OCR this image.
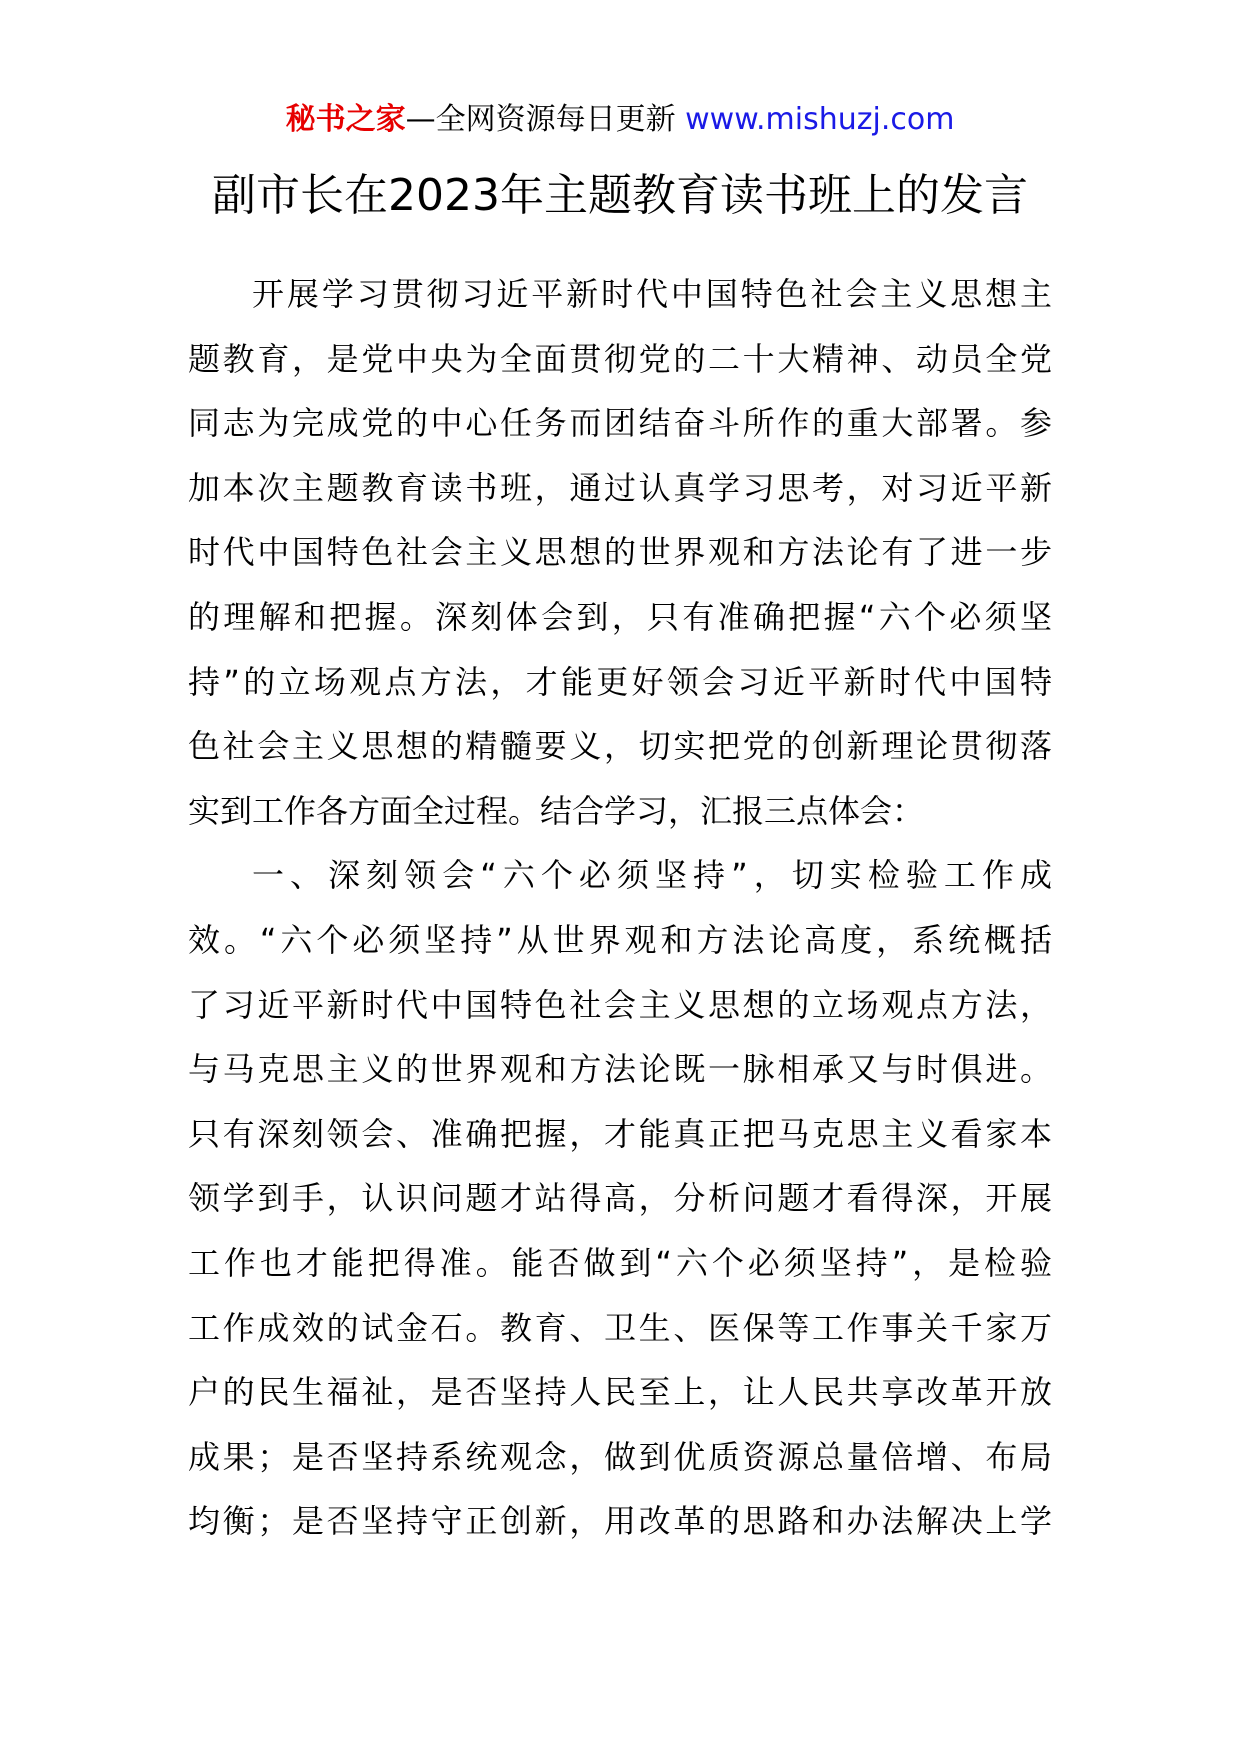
秘书之家—全网资源每日更新 www.mishuzj.com
副市长在2023年主题教育读书班上的发言
开展学习贯彻习近平新时代中国特色社会主义思想主
题教育，是党中央为全面贯彻党的二十大精神、动员全党
同志为完成党的中心任务而团结奋斗所作的重大部署。参
加本次主题教育读书班，通过认真学习思考，对习近平新
时代中国特色社会主义思想的世界观和方法论有了进一步
的理解和把握。深刻体会到，只有准确把握“六个必须坚
持”的立场观点方法，才能更好领会习近平新时代中国特
色社会主义思想的精髓要义，切实把党的创新理论贯彻落
实到工作各方面全过程。结合学习，汇报三点体会：
一、深刻领会“六个必须坚持”，切实检验工作成
效。“六个必须坚持”从世界观和方法论高度，系统概括
了习近平新时代中国特色社会主义思想的立场观点方法，
与马克思主义的世界观和方法论既一脉相承又与时俱进。
只有深刻领会、准确把握，才能真正把马克思主义看家本
领学到手，认识问题才站得高，分析问题才看得深，开展
工作也才能把得准。能否做到“六个必须坚持”，是检验
工作成效的试金石。教育、卫生、医保等工作事关千家万
户的民生福祉，是否坚持人民至上，让人民共享改革开放
成果；是否坚持系统观念，做到优质资源总量倍增、布局
均衡；是否坚持守正创新，用改革的思路和办法解决上学
